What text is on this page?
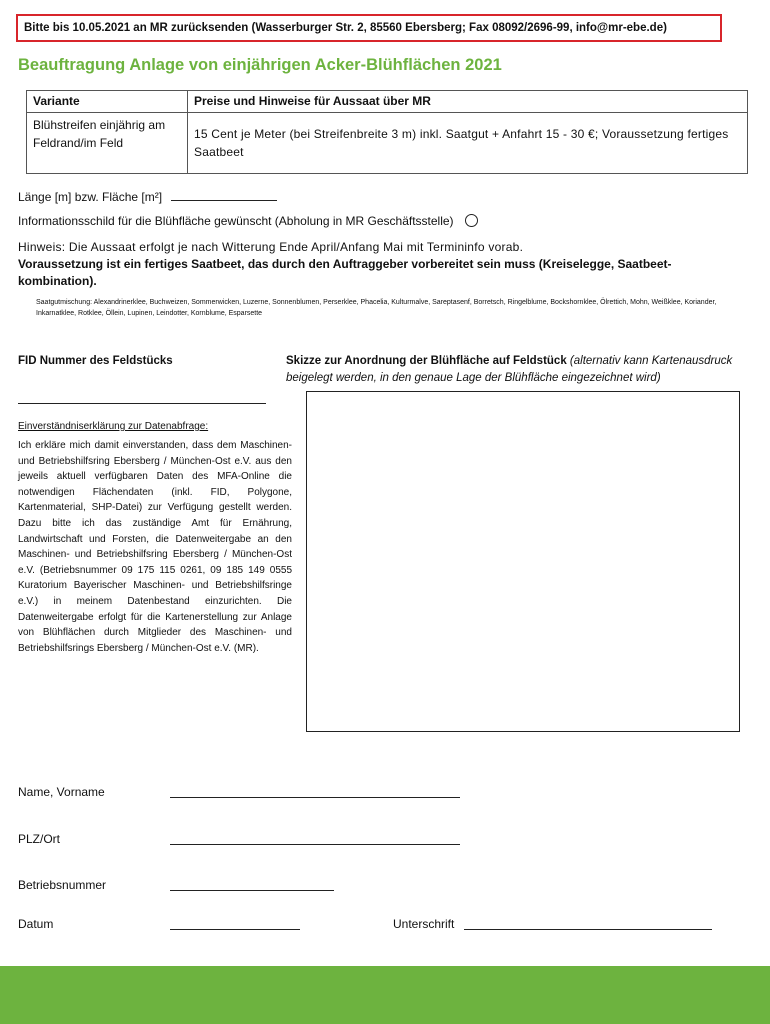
Bitte bis 10.05.2021 an MR zurücksenden (Wasserburger Str. 2, 85560 Ebersberg; Fax 08092/2696-99, info@mr-ebe.de)
Beauftragung Anlage von einjährigen Acker-Blühflächen 2021
Variante	Preise und Hinweise für Aussaat über MR
Blühstreifen einjährig am Feldrand/im Feld	15 Cent je Meter (bei Streifenbreite 3 m) inkl. Saatgut + Anfahrt 15 - 30 €; Voraussetzung fertiges Saatbeet
Länge [m] bzw. Fläche [m²]
Informationsschild für die Blühfläche gewünscht (Abholung in MR Geschäftsstelle)
Hinweis: Die Aussaat erfolgt je nach Witterung Ende April/Anfang Mai mit Termininfo vorab.
Voraussetzung ist ein fertiges Saatbeet, das durch den Auftraggeber vorbereitet sein muss (Kreiselegge, Saatbeet-kombination).
Saatgutmischung: Alexandrinerklee, Buchweizen, Sommerwicken, Luzerne, Sonnenblumen, Perserklee, Phacelia, Kulturmalve, Sareptasenf, Borretsch, Ringelblume, Bockshornklee, Ölrettich, Mohn, Weißklee, Koriander, Inkarnatklee, Rotklee, Öllein, Lupinen, Leindotter, Kornblume, Esparsette
FID Nummer des Feldstücks	Skizze zur Anordnung der Blühfläche auf Feldstück (alternativ kann Kartenausdruck beigelegt werden, in den genaue Lage der Blühfläche eingezeichnet wird)
Einverständniserklärung zur Datenabfrage:
Ich erkläre mich damit einverstanden, dass dem Maschinen- und Betriebshilfsring Ebersberg / München-Ost e.V. aus den jeweils aktuell verfügbaren Daten des MFA-Online die notwendigen Flächendaten (inkl. FID, Polygone, Kartenmaterial, SHP-Datei) zur Verfügung gestellt werden. Dazu bitte ich das zuständige Amt für Ernährung, Landwirtschaft und Forsten, die Datenweitergabe an den Maschinen- und Betriebshilfsring Ebersberg / München-Ost e.V. (Betriebsnummer 09 175 115 0261, 09 185 149 0555 Kuratorium Bayerischer Maschinen- und Betriebshilfsringe e.V.) in meinem Datenbestand einzurichten. Die Datenweitergabe erfolgt für die Kartenerstellung zur Anlage von Blühflächen durch Mitglieder des Maschinen- und Betriebshilfsrings Ebersberg / München-Ost e.V. (MR).
Name, Vorname
PLZ/Ort
Betriebsnummer
Datum	Unterschrift
